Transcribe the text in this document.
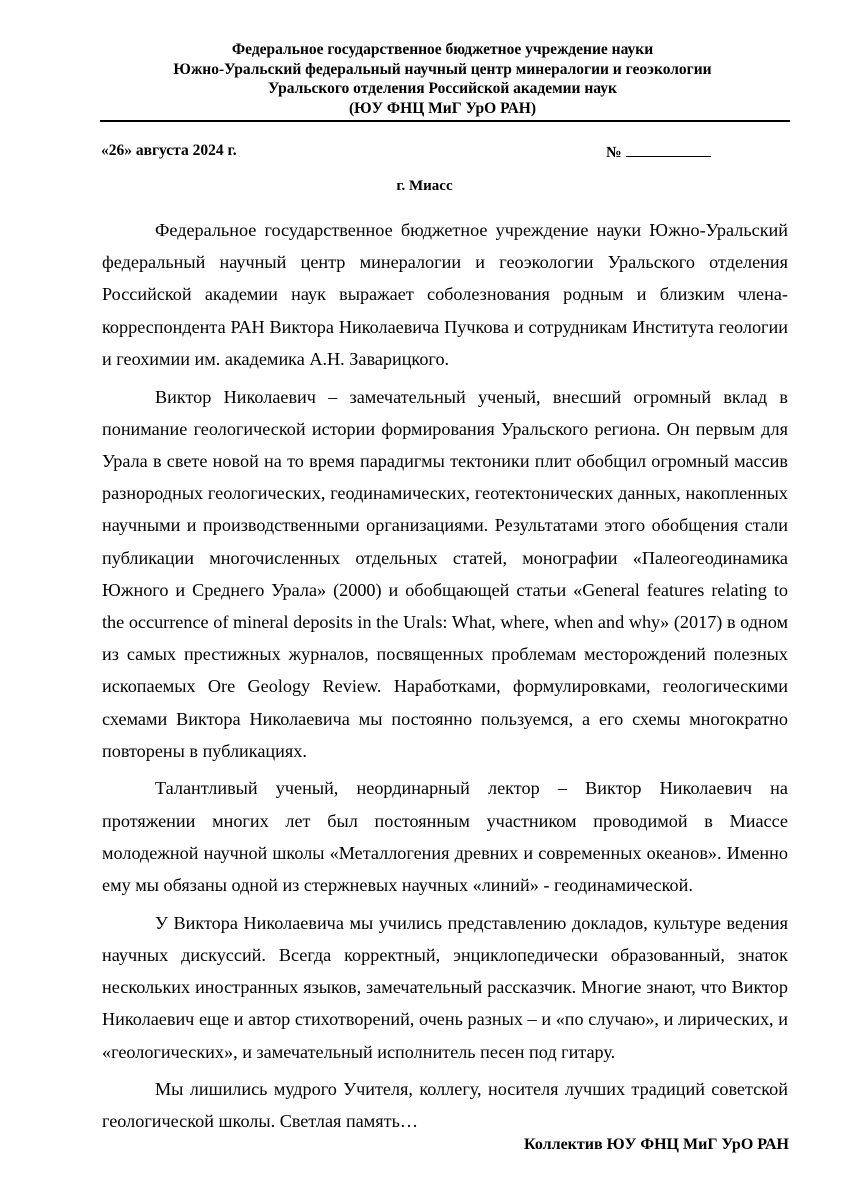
Федеральное государственное бюджетное учреждение науки
Южно-Уральский федеральный научный центр минералогии и геоэкологии
Уральского отделения Российской академии наук
(ЮУ ФНЦ МиГ УрО РАН)
«26» августа 2024 г.	№
г. Миасс

Федеральное государственное бюджетное учреждение науки Южно-Уральский федеральный научный центр минералогии и геоэкологии Уральского отделения Российской академии наук выражает соболезнования родным и близким члена-корреспондента РАН Виктора Николаевича Пучкова и сотрудникам Института геологии и геохимии им. академика А.Н. Заварицкого.

Виктор Николаевич – замечательный ученый, внесший огромный вклад в понимание геологической истории формирования Уральского региона. Он первым для Урала в свете новой на то время парадигмы тектоники плит обобщил огромный массив разнородных геологических, геодинамических, геотектонических данных, накопленных научными и производственными организациями. Результатами этого обобщения стали публикации многочисленных отдельных статей, монографии «Палеогеодинамика Южного и Среднего Урала» (2000) и обобщающей статьи «General features relating to the occurrence of mineral deposits in the Urals: What, where, when and why» (2017) в одном из самых престижных журналов, посвященных проблемам месторождений полезных ископаемых Ore Geology Review. Наработками, формулировками, геологическими схемами Виктора Николаевича мы постоянно пользуемся, а его схемы многократно повторены в публикациях.

Талантливый ученый, неординарный лектор – Виктор Николаевич на протяжении многих лет был постоянным участником проводимой в Миассе молодежной научной школы «Металлогения древних и современных океанов». Именно ему мы обязаны одной из стержневых научных «линий» - геодинамической.

У Виктора Николаевича мы учились представлению докладов, культуре ведения научных дискуссий. Всегда корректный, энциклопедически образованный, знаток нескольких иностранных языков, замечательный рассказчик. Многие знают, что Виктор Николаевич еще и автор стихотворений, очень разных – и «по случаю», и лирических, и «геологических», и замечательный исполнитель песен под гитару.

Мы лишились мудрого Учителя, коллегу, носителя лучших традиций советской геологической школы. Светлая память…

Коллектив ЮУ ФНЦ МиГ УрО РАН
